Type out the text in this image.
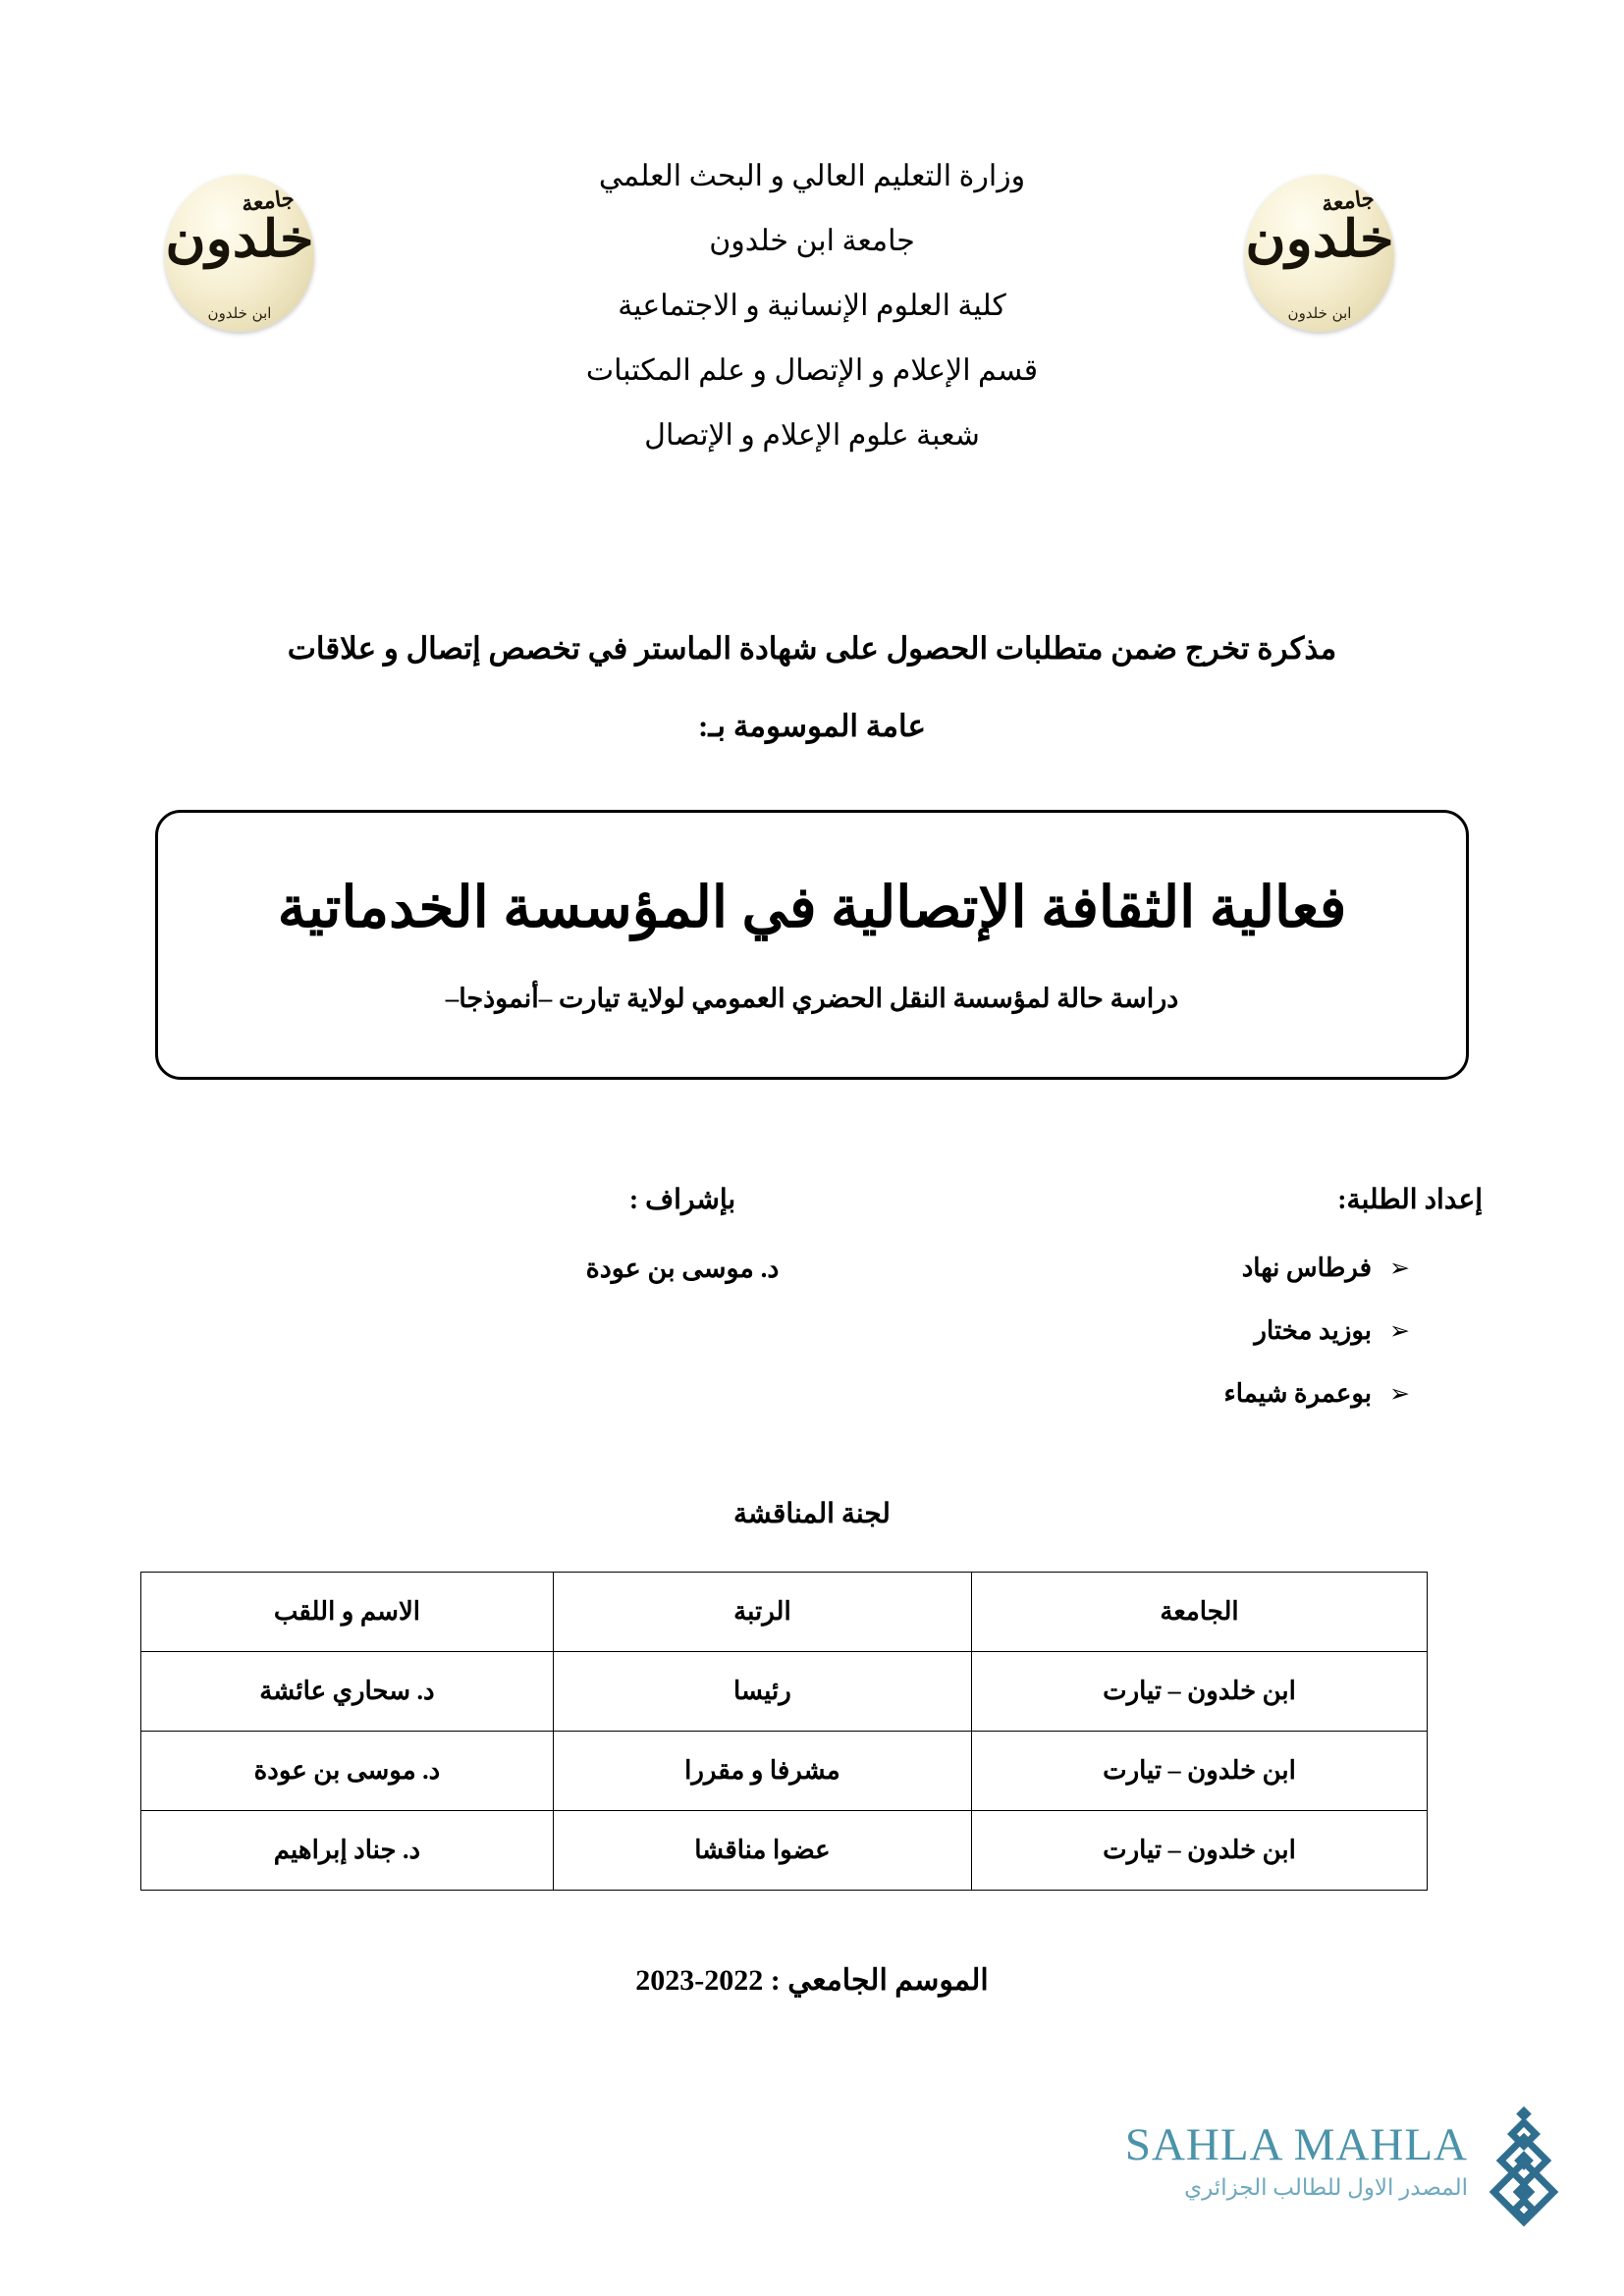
جامعة
خلدون
ابن خلدون
جامعة
خلدون
ابن خلدون
وزارة التعليم العالي و البحث العلمي
جامعة ابن خلدون
كلية العلوم الإنسانية و الاجتماعية
قسم الإعلام و الإتصال و علم المكتبات
شعبة علوم الإعلام و الإتصال
مذكرة تخرج ضمن متطلبات الحصول على شهادة الماستر في تخصص إتصال و علاقات
عامة الموسومة بـ:
فعالية الثقافة الإتصالية في المؤسسة الخدماتية
دراسة حالة لمؤسسة النقل الحضري العمومي لولاية تيارت –أنموذجا–
إعداد الطلبة:
➢
فرطاس نهاد
➢
بوزيد مختار
➢
بوعمرة شيماء
بإشراف :
د. موسى بن عودة
لجنة المناقشة
الجامعة	الرتبة	الاسم و اللقب
ابن خلدون – تيارت	رئيسا	د. سحاري عائشة
ابن خلدون – تيارت	مشرفا و مقررا	د. موسى بن عودة
ابن خلدون – تيارت	عضوا مناقشا	د. جناد إبراهيم
الموسم الجامعي : 2022-2023
SAHLA MAHLA
المصدر الاول للطالب الجزائري
